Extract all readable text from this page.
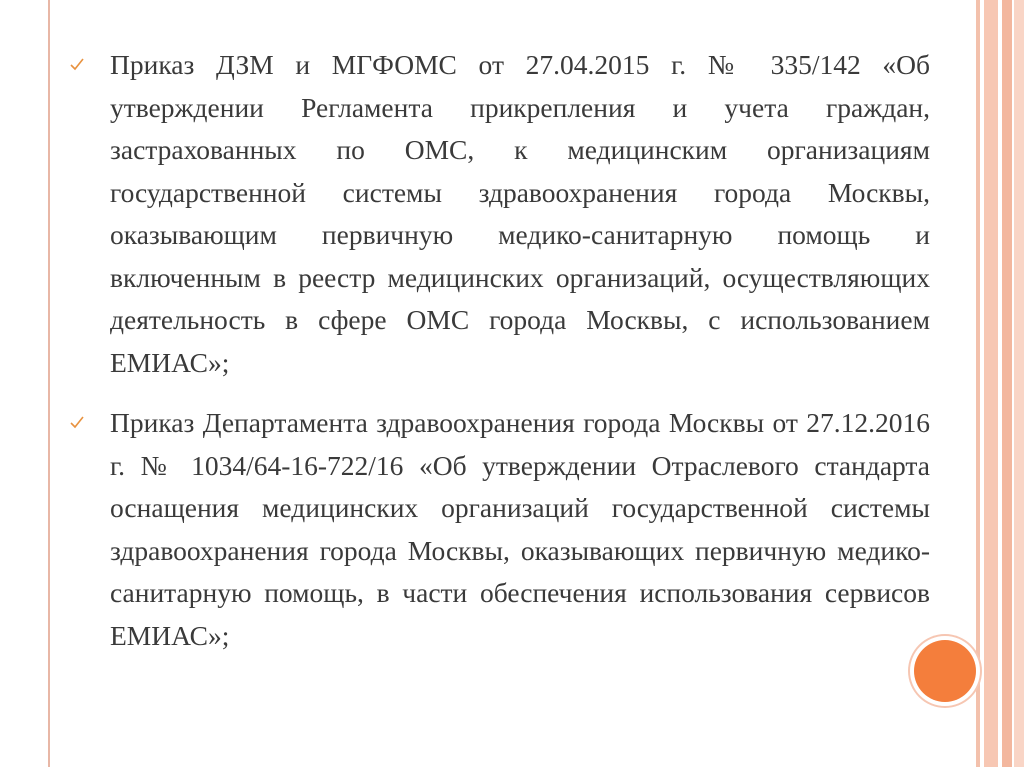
Приказ ДЗМ и МГФОМС от 27.04.2015 г. № 335/142 «Об утверждении Регламента прикрепления и учета граждан, застрахованных по ОМС, к медицинским организациям государственной системы здравоохранения города Москвы, оказывающим первичную медико-санитарную помощь и включенным в реестр медицинских организаций, осуществляющих деятельность в сфере ОМС города Москвы, с использованием ЕМИАС»;
Приказ Департамента здравоохранения города Москвы от 27.12.2016 г. № 1034/64-16-722/16 «Об утверждении Отраслевого стандарта оснащения медицинских организаций государственной системы здравоохранения города Москвы, оказывающих первичную медико-санитарную помощь, в части обеспечения использования сервисов ЕМИАС»;
